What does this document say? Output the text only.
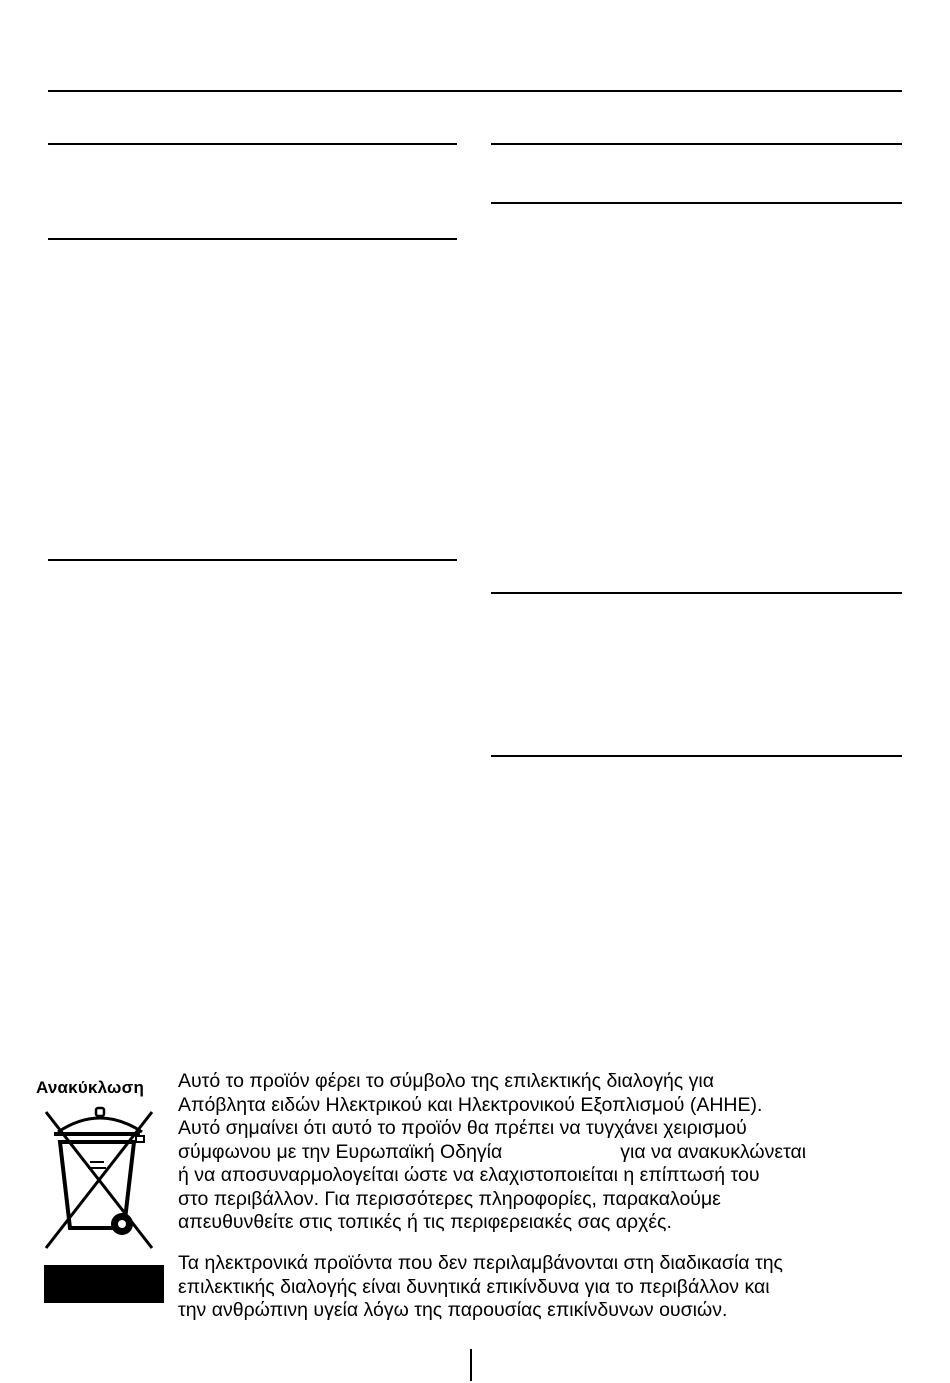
Ανακύκλωση	Αυτό το προϊόν φέρει το σύμβολο της επιλεκτικής διαλογής για
Απόβλητα ειδών Ηλεκτρικού και Ηλεκτρονικού Εξοπλισμού (ΑΗΗΕ).
Αυτό σημαίνει ότι αυτό το προϊόν θα πρέπει να τυγχάνει χειρισμού
σύμφωνου με την Ευρωπαϊκή Οδηγία	για να ανακυκλώνεται
ή να αποσυναρμολογείται ώστε να ελαχιστοποιείται η επίπτωσή του
στο περιβάλλον. Για περισσότερες πληροφορίες, παρακαλούμε
απευθυνθείτε στις τοπικές ή τις περιφερειακές σας αρχές.

Τα ηλεκτρονικά προϊόντα που δεν περιλαμβάνονται στη διαδικασία της
επιλεκτικής διαλογής είναι δυνητικά επικίνδυνα για το περιβάλλον και
την ανθρώπινη υγεία λόγω της παρουσίας επικίνδυνων ουσιών.
